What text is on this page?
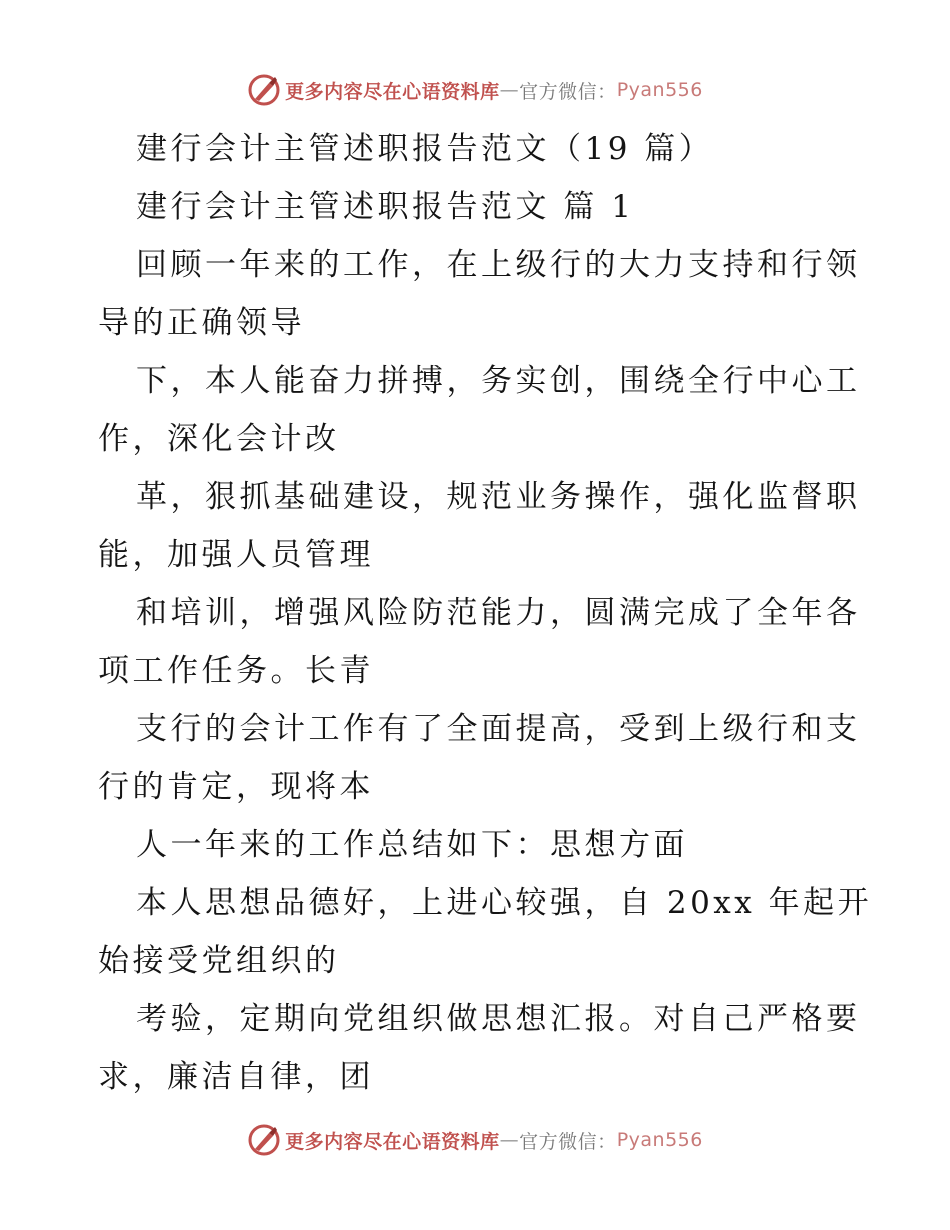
更多内容尽在心语资料库 — 官方微信： Pyan556

建行会计主管述职报告范文（19 篇）

建行会计主管述职报告范文 篇 1

回顾一年来的工作，在上级行的大力支持和行领

导的正确领导

下，本人能奋力拼搏，务实创，围绕全行中心工

作，深化会计改

革，狠抓基础建设，规范业务操作，强化监督职

能，加强人员管理

和培训，增强风险防范能力，圆满完成了全年各

项工作任务。长青

支行的会计工作有了全面提高，受到上级行和支

行的肯定，现将本

人一年来的工作总结如下：思想方面

本人思想品德好，上进心较强，自 20xx 年起开

始接受党组织的

考验，定期向党组织做思想汇报。对自己严格要

求，廉洁自律，团

更多内容尽在心语资料库 — 官方微信： Pyan556
